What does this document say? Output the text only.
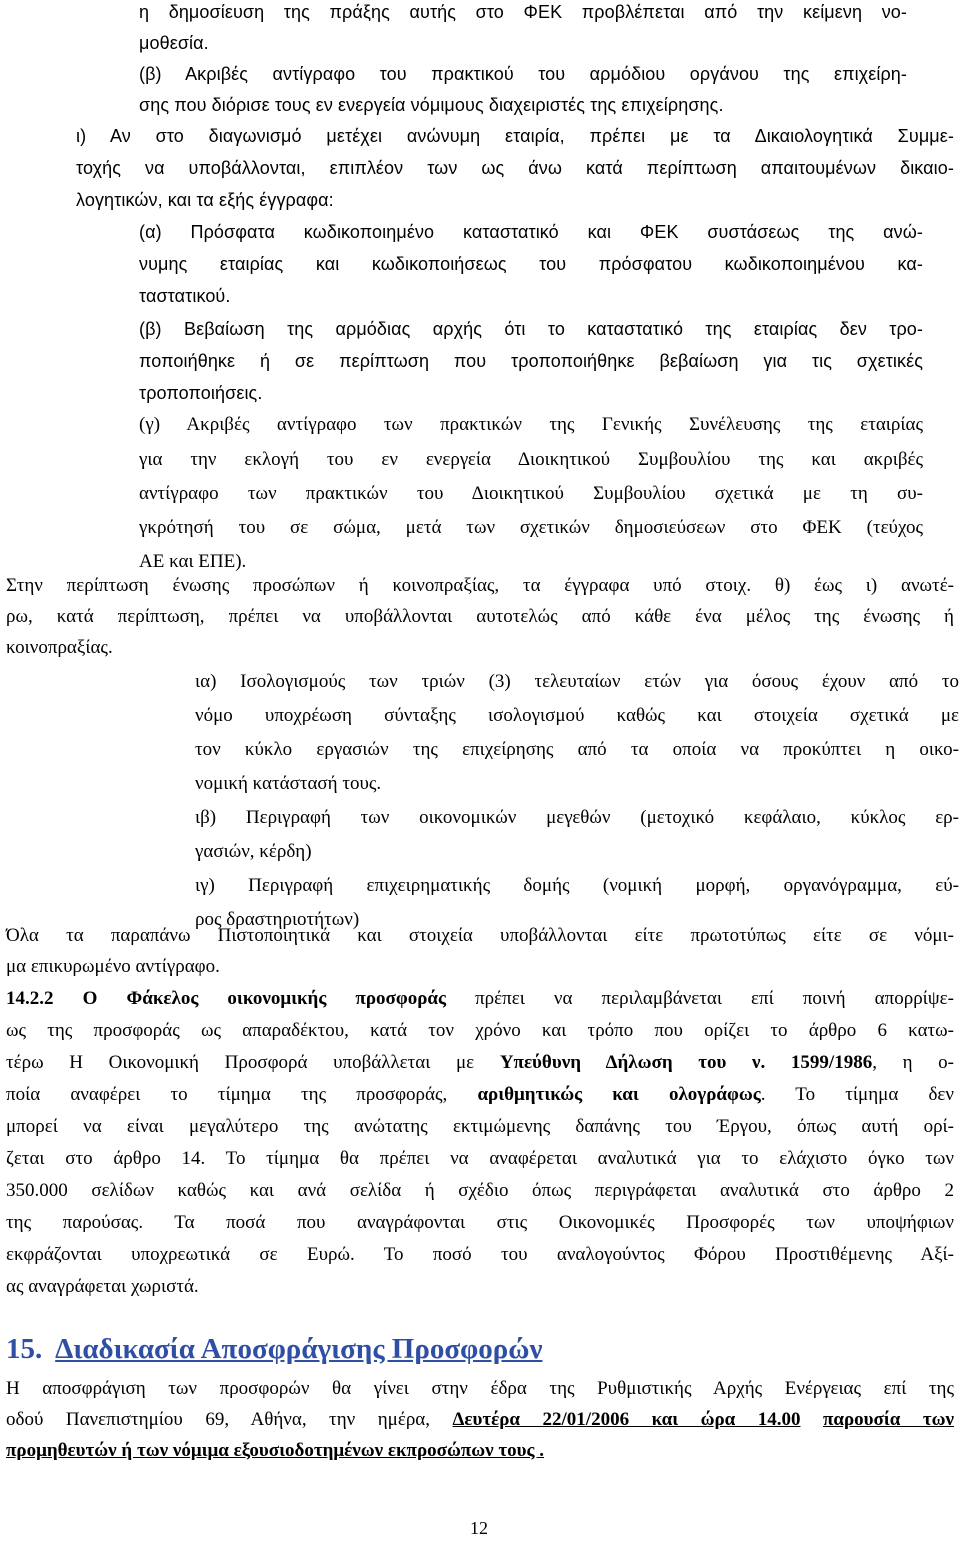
η δημοσίευση της πράξης αυτής στο ΦΕΚ προβλέπεται από την κείμενη νο-
μοθεσία.
(β) Ακριβές αντίγραφο του πρακτικού του αρμόδιου οργάνου της επιχείρη-
σης που διόρισε τους εν ενεργεία νόμιμους διαχειριστές της επιχείρησης.
ι) Αν στο διαγωνισμό μετέχει ανώνυμη εταιρία, πρέπει με τα Δικαιολογητικά Συμμε-
τοχής να υποβάλλονται, επιπλέον των ως άνω κατά περίπτωση απαιτουμένων δικαιο-
λογητικών, και τα εξής έγγραφα:
(α) Πρόσφατα κωδικοποιημένο καταστατικό και ΦΕΚ συστάσεως της ανώ-
νυμης εταιρίας και κωδικοποιήσεως του πρόσφατου κωδικοποιημένου κα-
ταστατικού.
(β) Βεβαίωση της αρμόδιας αρχής ότι το καταστατικό της εταιρίας δεν τρο-
ποποιήθηκε ή σε περίπτωση που τροποποιήθηκε βεβαίωση για τις σχετικές
τροποποιήσεις.
(γ) Ακριβές αντίγραφο των πρακτικών της Γενικής Συνέλευσης της εταιρίας
για την εκλογή του εν ενεργεία Διοικητικού Συμβουλίου της και ακριβές
αντίγραφο των πρακτικών του Διοικητικού Συμβουλίου σχετικά με τη συ-
γκρότησή του σε σώμα, μετά των σχετικών δημοσιεύσεων στο ΦΕΚ (τεύχος
ΑΕ και ΕΠΕ).
Στην περίπτωση ένωσης προσώπων ή κοινοπραξίας, τα έγγραφα υπό στοιχ. θ) έως ι) ανωτέ-
ρω, κατά περίπτωση, πρέπει να υποβάλλονται αυτοτελώς από κάθε ένα μέλος της ένωσης ή
κοινοπραξίας.
ια) Ισολογισμούς των τριών (3) τελευταίων ετών για όσους έχουν από το
νόμο υποχρέωση σύνταξης ισολογισμού καθώς και στοιχεία σχετικά με
τον κύκλο εργασιών της επιχείρησης από τα οποία να προκύπτει η οικο-
νομική κατάστασή τους.
ιβ) Περιγραφή των οικονομικών μεγεθών (μετοχικό κεφάλαιο, κύκλος ερ-
γασιών, κέρδη)
ιγ) Περιγραφή επιχειρηματικής δομής (νομική μορφή, οργανόγραμμα, εύ-
ρος δραστηριοτήτων)
Όλα τα παραπάνω Πιστοποιητικά και στοιχεία υποβάλλονται είτε πρωτοτύπως είτε σε νόμι-
μα επικυρωμένο αντίγραφο.
14.2.2 Ο Φάκελος οικονομικής προσφοράς πρέπει να περιλαμβάνεται επί ποινή απορρίψε-
ως της προσφοράς ως απαραδέκτου, κατά τον χρόνο και τρόπο που ορίζει το άρθρο 6 κατω-
τέρω Η Οικονομική Προσφορά υποβάλλεται με Υπεύθυνη Δήλωση του ν. 1599/1986, η ο-
ποία αναφέρει το τίμημα της προσφοράς, αριθμητικώς και ολογράφως. Το τίμημα δεν
μπορεί να είναι μεγαλύτερο της ανώτατης εκτιμώμενης δαπάνης του Έργου, όπως αυτή ορί-
ζεται στο άρθρο 14. Το τίμημα θα πρέπει να αναφέρεται αναλυτικά για το ελάχιστο όγκο των
350.000 σελίδων καθώς και ανά σελίδα ή σχέδιο όπως περιγράφεται αναλυτικά στο άρθρο 2
της παρούσας. Τα ποσά που αναγράφονται στις Οικονομικές Προσφορές των υποψήφιων
εκφράζονται υποχρεωτικά σε Ευρώ. Το ποσό του αναλογούντος Φόρου Προστιθέμενης Αξί-
ας αναγράφεται χωριστά.
15. Διαδικασία Αποσφράγισης Προσφορών
Η αποσφράγιση των προσφορών θα γίνει στην έδρα της Ρυθμιστικής Αρχής Ενέργειας επί της
οδού Πανεπιστημίου 69, Αθήνα, την ημέρα, Δευτέρα 22/01/2006 και ώρα 14.00 παρουσία των
προμηθευτών ή των νόμιμα εξουσιοδοτημένων εκπροσώπων τους .
12
